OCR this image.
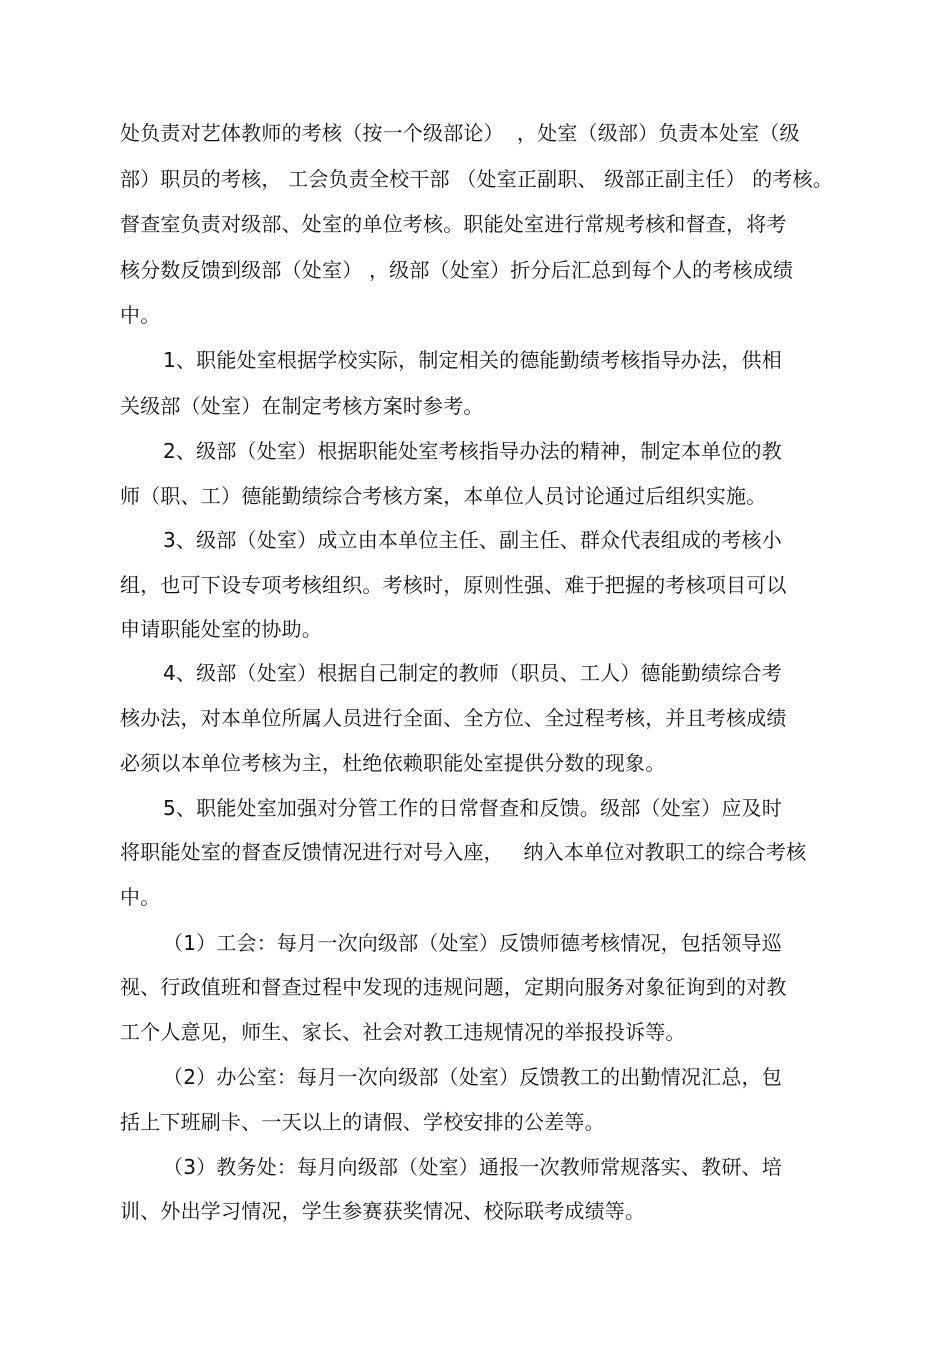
处负责对艺体教师的考核（按一个级部论）  ，处室（级部）负责本处室（级
部）职员的考核， 工会负责全校干部 （处室正副职、 级部正副主任） 的考核。
督查室负责对级部、处室的单位考核。职能处室进行常规考核和督查，将考
核分数反馈到级部（处室） ，级部（处室）折分后汇总到每个人的考核成绩
中。
1、职能处室根据学校实际，制定相关的德能勤绩考核指导办法，供相
关级部（处室）在制定考核方案时参考。
2、级部（处室）根据职能处室考核指导办法的精神，制定本单位的教
师（职、工）德能勤绩综合考核方案，本单位人员讨论通过后组织实施。
3、级部（处室）成立由本单位主任、副主任、群众代表组成的考核小
组，也可下设专项考核组织。考核时，原则性强、难于把握的考核项目可以
申请职能处室的协助。
4、级部（处室）根据自己制定的教师（职员、工人）德能勤绩综合考
核办法，对本单位所属人员进行全面、全方位、全过程考核，并且考核成绩
必须以本单位考核为主，杜绝依赖职能处室提供分数的现象。
5、职能处室加强对分管工作的日常督查和反馈。级部（处室）应及时
将职能处室的督查反馈情况进行对号入座，   纳入本单位对教职工的综合考核
中。
（1）工会：每月一次向级部（处室）反馈师德考核情况，包括领导巡
视、行政值班和督查过程中发现的违规问题，定期向服务对象征询到的对教
工个人意见，师生、家长、社会对教工违规情况的举报投诉等。
（2）办公室：每月一次向级部（处室）反馈教工的出勤情况汇总，包
括上下班刷卡、一天以上的请假、学校安排的公差等。
（3）教务处：每月向级部（处室）通报一次教师常规落实、教研、培
训、外出学习情况，学生参赛获奖情况、校际联考成绩等。
